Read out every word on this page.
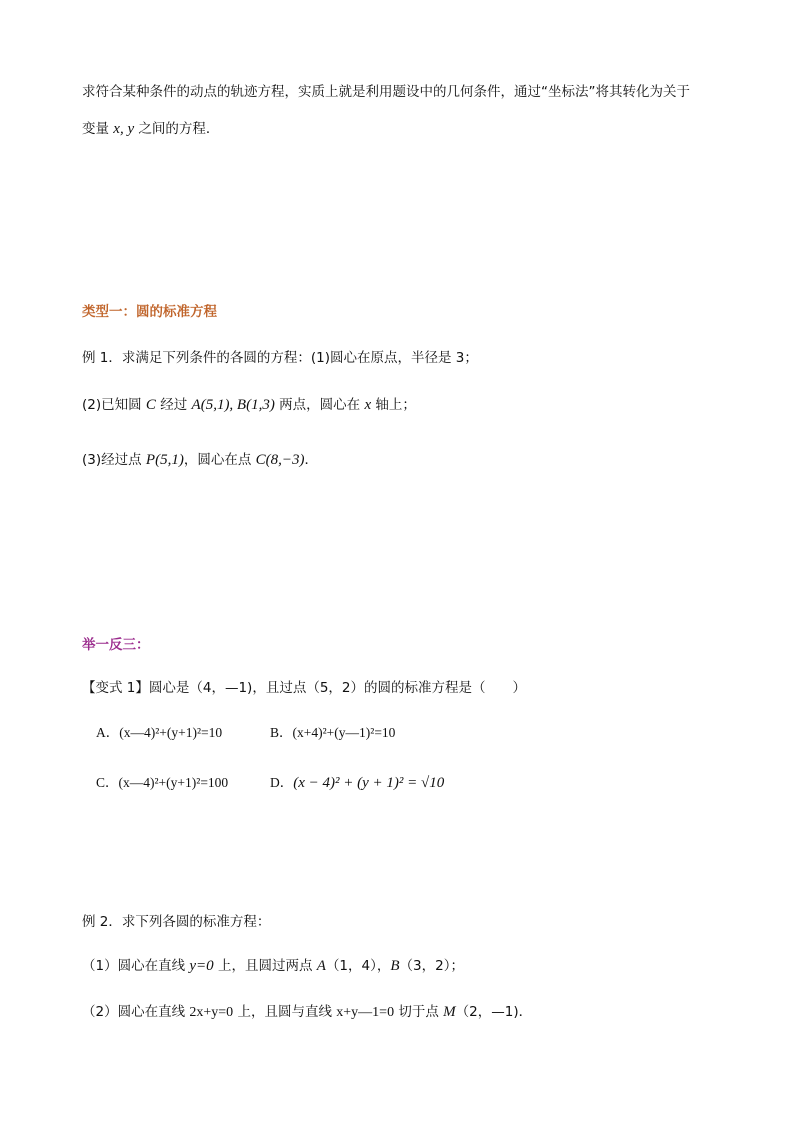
求符合某种条件的动点的轨迹方程，实质上就是利用题设中的几何条件，通过“坐标法”将其转化为关于
变量 x, y 之间的方程．
类型一：圆的标准方程
例 1．求满足下列条件的各圆的方程：(1)圆心在原点，半径是 3；
(2)已知圆 C 经过 A(5,1), B(1,3) 两点，圆心在 x 轴上；
(3)经过点 P(5,1)，圆心在点 C(8,−3)．
举一反三：
【变式 1】圆心是（4，—1)，且过点（5，2）的圆的标准方程是（　　）
A．(x—4)²+(y+1)²=10	B．(x+4)²+(y—1)²=10
C．(x—4)²+(y+1)²=100	D．(x − 4)² + (y + 1)² = √10
例 2．求下列各圆的标准方程：
（1）圆心在直线 y=0 上，且圆过两点 A（1，4），B（3，2）；
（2）圆心在直线 2x+y=0 上，且圆与直线 x+y—1=0 切于点 M（2，—1)．
